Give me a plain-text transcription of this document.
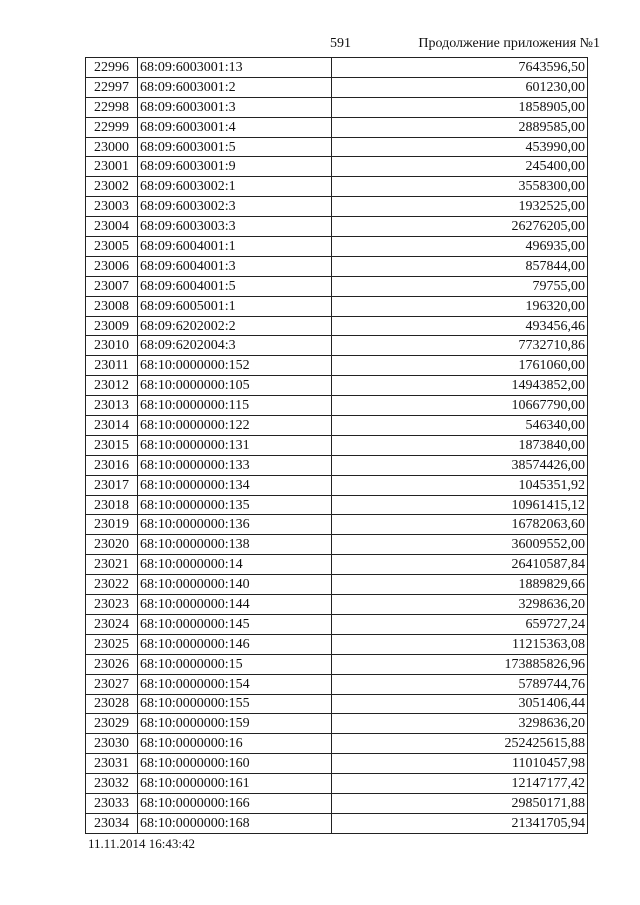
591	Продолжение приложения №1
22996	68:09:6003001:13	7643596,50
22997	68:09:6003001:2	601230,00
22998	68:09:6003001:3	1858905,00
22999	68:09:6003001:4	2889585,00
23000	68:09:6003001:5	453990,00
23001	68:09:6003001:9	245400,00
23002	68:09:6003002:1	3558300,00
23003	68:09:6003002:3	1932525,00
23004	68:09:6003003:3	26276205,00
23005	68:09:6004001:1	496935,00
23006	68:09:6004001:3	857844,00
23007	68:09:6004001:5	79755,00
23008	68:09:6005001:1	196320,00
23009	68:09:6202002:2	493456,46
23010	68:09:6202004:3	7732710,86
23011	68:10:0000000:152	1761060,00
23012	68:10:0000000:105	14943852,00
23013	68:10:0000000:115	10667790,00
23014	68:10:0000000:122	546340,00
23015	68:10:0000000:131	1873840,00
23016	68:10:0000000:133	38574426,00
23017	68:10:0000000:134	1045351,92
23018	68:10:0000000:135	10961415,12
23019	68:10:0000000:136	16782063,60
23020	68:10:0000000:138	36009552,00
23021	68:10:0000000:14	26410587,84
23022	68:10:0000000:140	1889829,66
23023	68:10:0000000:144	3298636,20
23024	68:10:0000000:145	659727,24
23025	68:10:0000000:146	11215363,08
23026	68:10:0000000:15	173885826,96
23027	68:10:0000000:154	5789744,76
23028	68:10:0000000:155	3051406,44
23029	68:10:0000000:159	3298636,20
23030	68:10:0000000:16	252425615,88
23031	68:10:0000000:160	11010457,98
23032	68:10:0000000:161	12147177,42
23033	68:10:0000000:166	29850171,88
23034	68:10:0000000:168	21341705,94
11.11.2014 16:43:42
